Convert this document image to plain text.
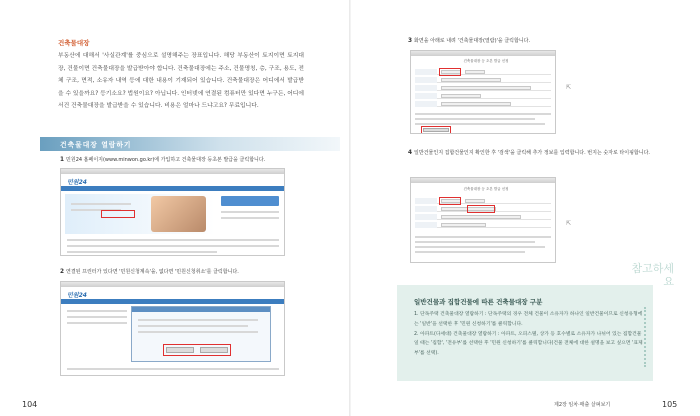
건축물대장
부동산에 대해서 '사실관계'를 중심으로 설명해주는 장표입니다. 해당 부동산이 토지이면 토지대장, 건물이면 건축물대장을 발급받아야 합니다. 건축물대장에는 주소, 건물명칭, 층, 구조, 용도, 전체 구조, 면적, 소유자 내역 등에 대한 내용이 기재되어 있습니다. 건축물대장은 어디에서 발급받을 수 있을까요? 등기소요? 법원이요? 아닙니다. 인터넷에 연결된 컴퓨터만 있다면 누구든, 어디에서건 건축물대장을 발급받을 수 있습니다. 비용은 얼마나 드냐고요? 무료입니다.
건축물대장 열람하기
1 민원24 홈페이지(www.minwon.go.kr)에 가입하고 건축물대장 등초본 발급을 클릭합니다.
민원24
2 연결된 프린터가 있다면 '민원신청계속'을, 없다면 '민원신청취소'를 클릭합니다.
민원24
104
3 화면을 아래로 내려 '건축물대장(열람)'을 클릭합니다.
건축물대장 등 초본 발급 신청
⇱
4 일반건물인지 집합건물인지 확인한 후 '검색'을 클릭해 추가 정보를 입력합니다. 번지는 숫자로 타이핑합니다.
건축물대장 등 초본 발급 신청
⇱
참고하세요
일반건물과 집합건물에 따른 건축물대장 구분
1. 단독주택 건축물대장 열람하기 : 단독주택의 경우 전체 건물이 소유자가 하나인 일반건물이므로 신청유형에는 '일반'을 선택한 후 '민원 신청하기'를 클릭합니다.
2. 아파트(다세대) 건축물대장 열람하기 : 아파트, 오피스텔, 상가 등 호수별로 소유자가 나뉘어 있는 집합건물일 때는 '집합', '전유부'를 선택한 후 '민원 신청하기'를 클릭합니다(건물 전체에 대한 설명을 보고 싶으면 '표제부'를 선택).
제2장 임차·매출 살펴보기	105
